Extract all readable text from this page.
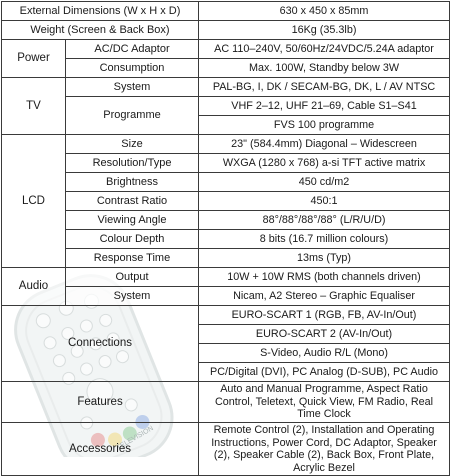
TELEVISION
External Dimensions (W x H x D)		630 x 450 x 85mm
Weight (Screen & Back Box)		16Kg (35.3lb)
Power	AC/DC Adaptor	AC 110–240V, 50/60Hz/24VDC/5.24A adaptor
	Consumption	Max. 100W, Standby below 3W
TV	System	PAL-BG, I, DK / SECAM-BG, DK, L / AV NTSC
	Programme	VHF 2–12, UHF 21–69, Cable S1–S41
		FVS 100 programme
LCD	Size	23" (584.4mm) Diagonal – Widescreen
	Resolution/Type	WXGA (1280 x 768) a-si TFT active matrix
	Brightness	450 cd/m2
	Contrast Ratio	450:1
	Viewing Angle	88°/88°/88°/88° (L/R/U/D)
	Colour Depth	8 bits (16.7 million colours)
	Response Time	13ms (Typ)
Audio	Output	10W + 10W RMS (both channels driven)
	System	Nicam, A2 Stereo – Graphic Equaliser
Connections		EURO-SCART 1 (RGB, FB, AV-In/Out)
		EURO-SCART 2 (AV-In/Out)
		S-Video, Audio R/L (Mono)
		PC/Digital (DVI), PC Analog (D-SUB), PC Audio
Features		Auto and Manual Programme, Aspect Ratio Control, Teletext, Quick View, FM Radio, Real Time Clock
Accessories		Remote Control (2), Installation and Operating Instructions, Power Cord, DC Adaptor, Speaker (2), Speaker Cable (2), Back Box, Front Plate, Acrylic Bezel
